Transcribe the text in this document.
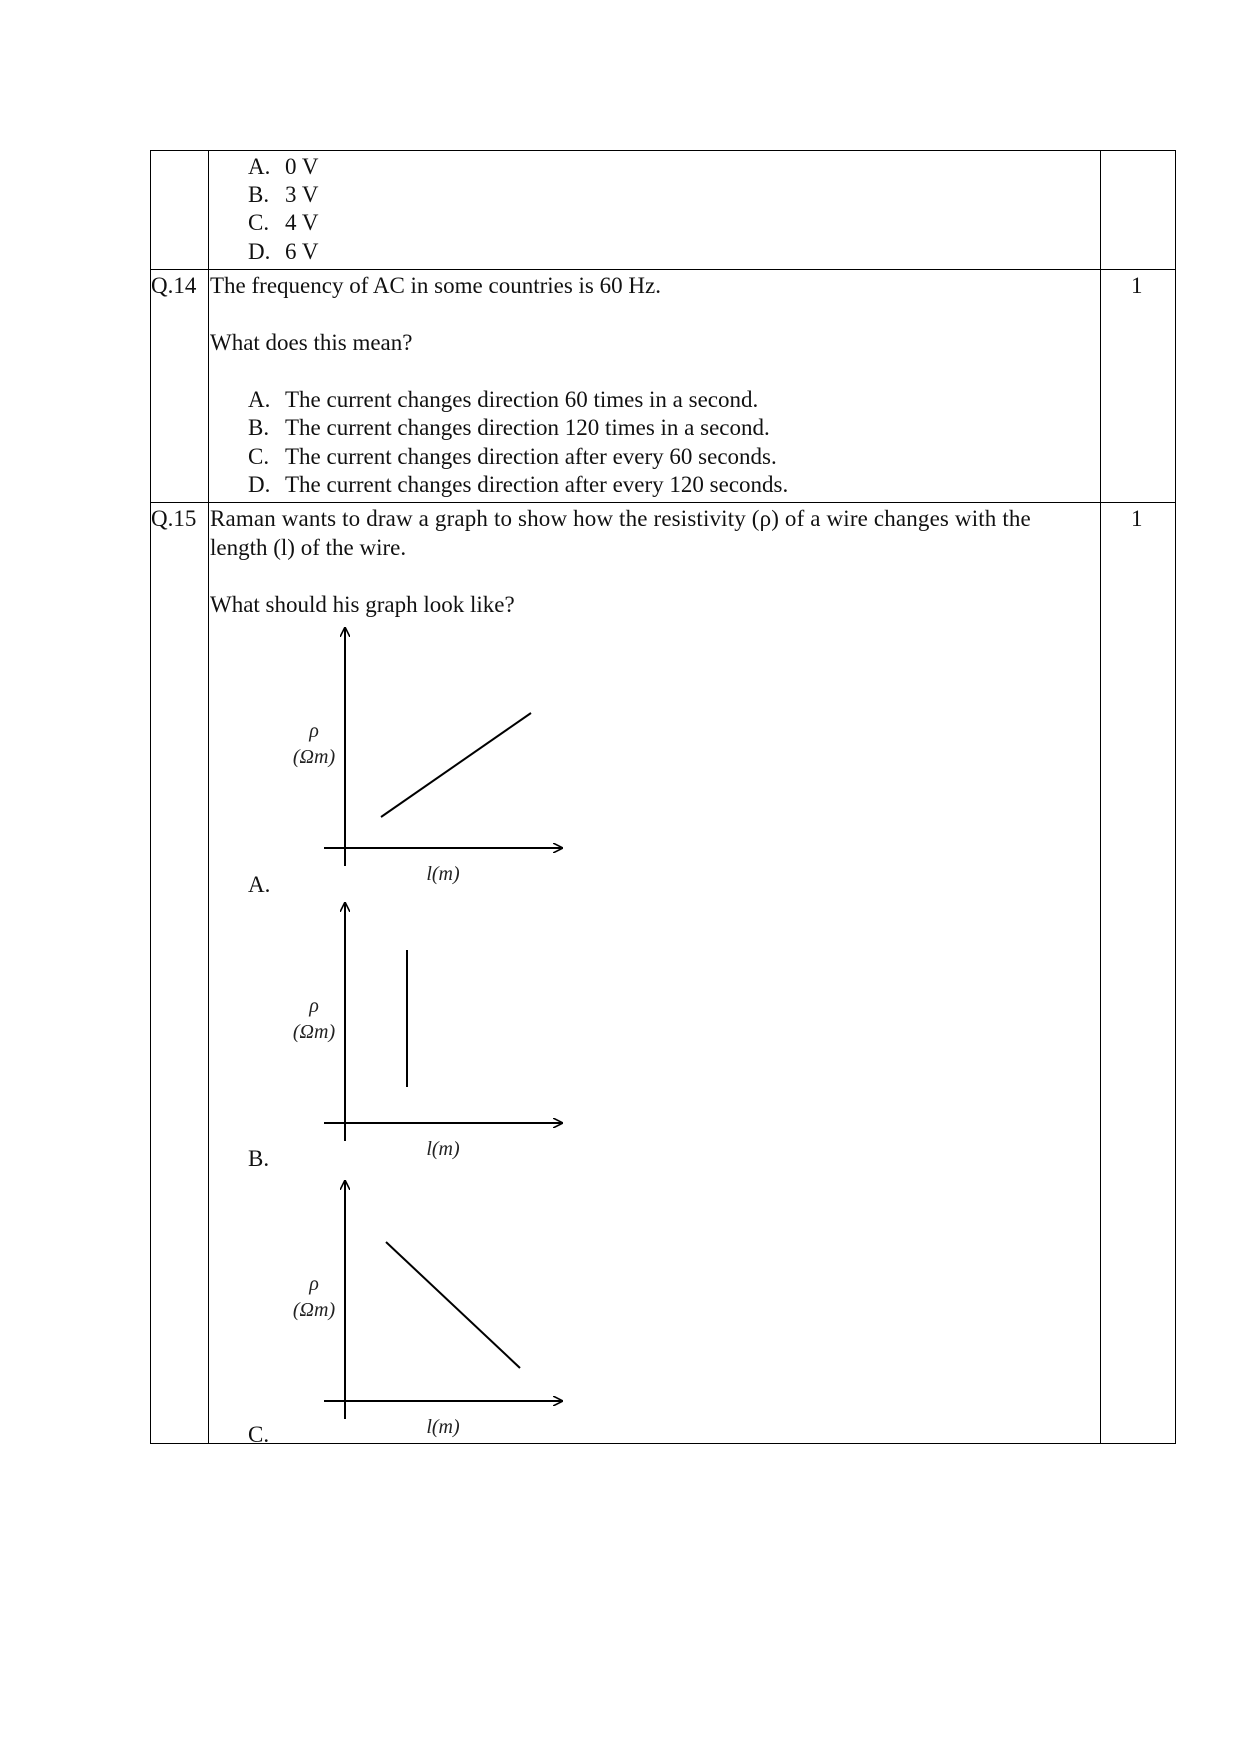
A. 0 V
B. 3 V
C. 4 V
D. 6 V
Q.14 The frequency of AC in some countries is 60 Hz.	1
What does this mean?
A. The current changes direction 60 times in a second.
B. The current changes direction 120 times in a second.
C. The current changes direction after every 60 seconds.
D. The current changes direction after every 120 seconds.
Q.15 Raman wants to draw a graph to show how the resistivity (ρ) of a wire changes with the
length (l) of the wire.
1
What should his graph look like?
A.
ρ
(Ωm)
l(m)
B.
ρ
(Ωm)
l(m)
C.
ρ
(Ωm)
l(m)
